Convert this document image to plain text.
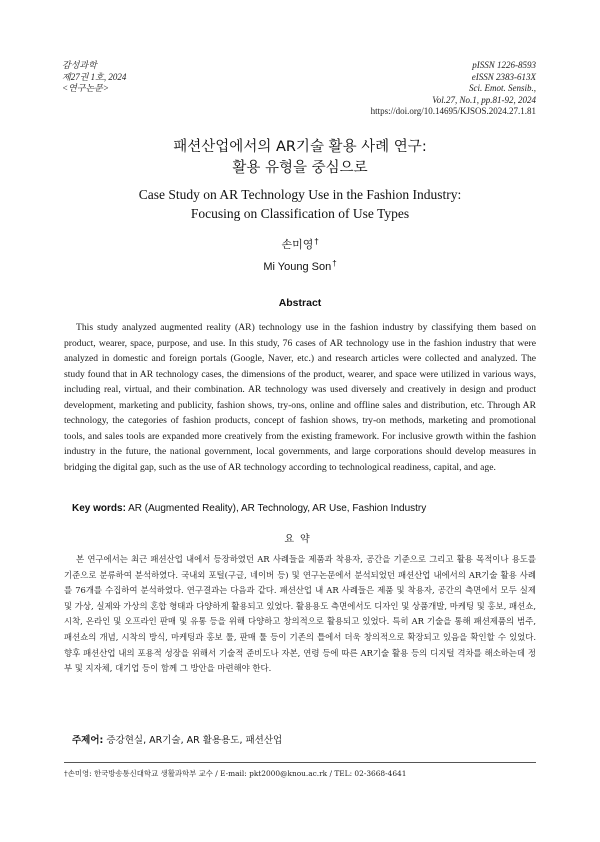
감성과학
제27권 1호, 2024
<연구논문>
pISSN 1226-8593
eISSN 2383-613X
Sci. Emot. Sensib.,
Vol.27, No.1, pp.81-92, 2024
https://doi.org/10.14695/KJSOS.2024.27.1.81
패션산업에서의 AR기술 활용 사례 연구:
활용 유형을 중심으로
Case Study on AR Technology Use in the Fashion Industry:
Focusing on Classification of Use Types
손미영†
Mi Young Son†
Abstract

This study analyzed augmented reality (AR) technology use in the fashion industry by classifying them based on product, wearer, space, purpose, and use. In this study, 76 cases of AR technology use in the fashion industry that were analyzed in domestic and foreign portals (Google, Naver, etc.) and research articles were collected and analyzed. The study found that in AR technology cases, the dimensions of the product, wearer, and space were utilized in various ways, including real, virtual, and their combination. AR technology was used diversely and creatively in design and product development, marketing and publicity, fashion shows, try-ons, online and offline sales and distribution, etc. Through AR technology, the categories of fashion products, concept of fashion shows, try-on methods, marketing and promotional tools, and sales tools are expanded more creatively from the existing framework. For inclusive growth within the fashion industry in the future, the national government, local governments, and large corporations should develop measures in bridging the digital gap, such as the use of AR technology according to technological readiness, capital, and age.

Key words: AR (Augmented Reality), AR Technology, AR Use, Fashion Industry
요약

본 연구에서는 최근 패션산업 내에서 등장하였던 AR 사례들을 제품과 착용자, 공간을 기준으로 그리고 활용 목적이나 용도를 기준으로 분류하여 분석하였다. 국내외 포털(구글, 네이버 등) 및 연구논문에서 분석되었던 패션산업 내에서의 AR기술 활용 사례를 76개를 수집하여 분석하였다. 연구결과는 다음과 같다. 패션산업 내 AR 사례들은 제품 및 착용자, 공간의 측면에서 모두 실제 및 가상, 실제와 가상의 혼합 형태과 다양하게 활용되고 있었다. 활용용도 측면에서도 디자인 및 상품개발, 마케팅 및 홍보, 패션쇼, 시착, 온라인 및 오프라인 판매 및 유통 등을 위해 다양하고 창의적으로 활용되고 있었다. 특히 AR 기술을 통해 패션제품의 범주, 패션쇼의 개념, 시착의 방식, 마케팅과 홍보 툴, 판매 툴 등이 기존의 틀에서 더욱 창의적으로 확장되고 있음을 확인할 수 있었다. 향후 패션산업 내의 포용적 성장을 위해서 기술적 준비도나 자본, 연령 등에 따른 AR기술 활용 등의 디지털 격차를 해소하는데 정부 및 지자체, 대기업 등이 함께 그 방안을 마련해야 한다.

주제어: 증강현실, AR기술, AR 활용용도, 패션산업
†손미영: 한국방송통신대학교 생활과학부 교수 / E-mail: pkt2000@knou.ac.rk / TEL: 02-3668-4641
